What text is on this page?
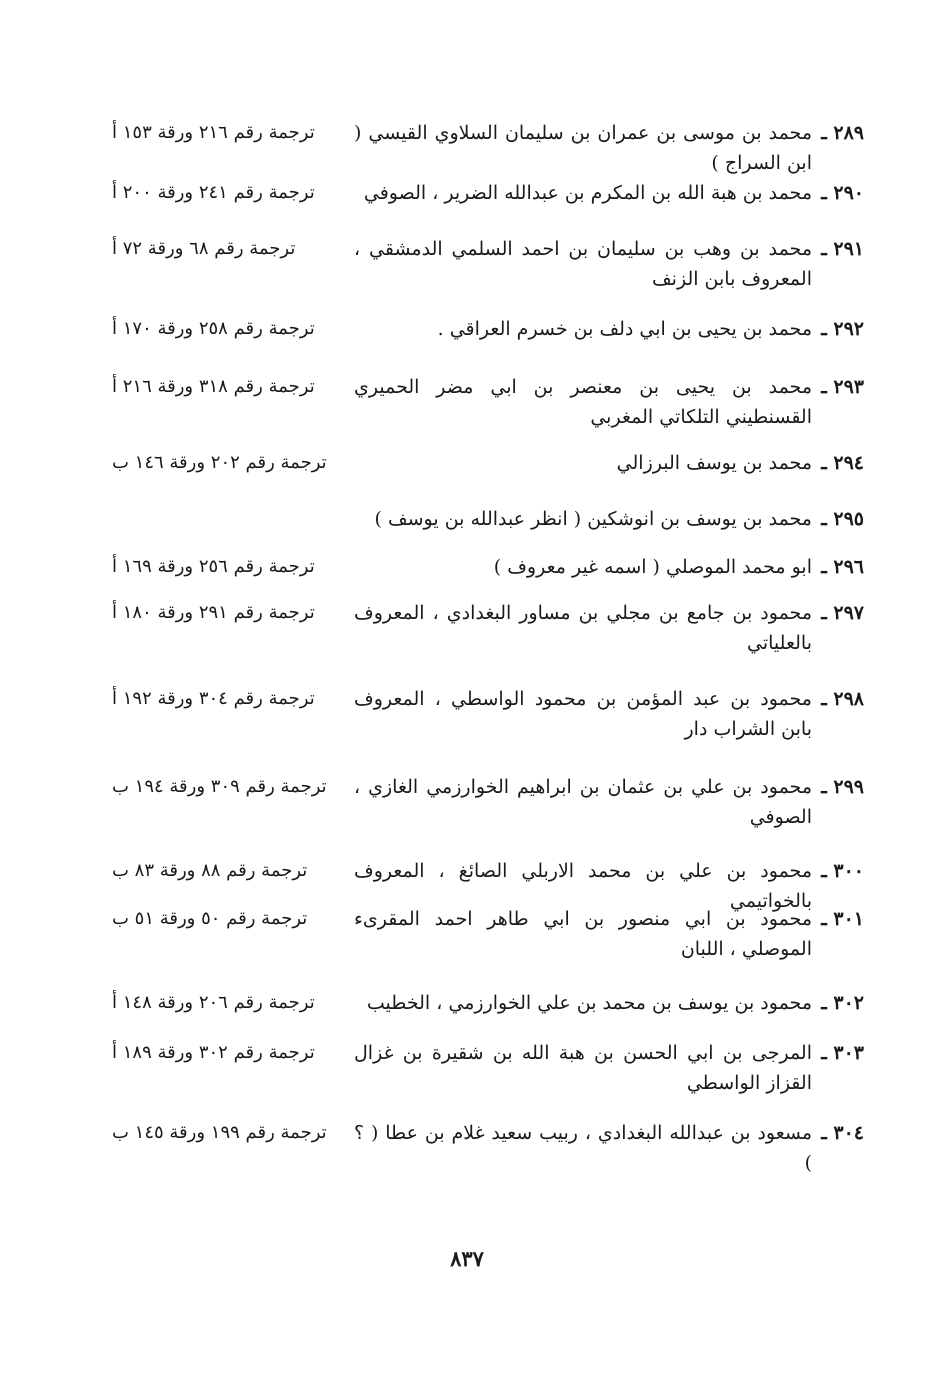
٢٨٩ ـ
محمد بن موسى بن عمران بن سليمان السلاوي القيسي ( ابن السراج )
ترجمة رقم ٢١٦ ورقة ١٥٣ أ
٢٩٠ ـ
محمد بن هبة الله بن المكرم بن عبدالله الضرير ، الصوفي
ترجمة رقم ٢٤١ ورقة ٢٠٠ أ
٢٩١ ـ
محمد بن وهب بن سليمان بن احمد السلمي الدمشقي ، المعروف بابن الزنف
ترجمة رقم ٦٨ ورقة ٧٢ أ
٢٩٢ ـ
محمد بن يحيى بن ابي دلف بن خسرم العراقي .
ترجمة رقم ٢٥٨ ورقة ١٧٠ أ
٢٩٣ ـ
محمد بن يحيى بن معنصر بن ابي مضر الحميري القسنطيني التلكاتي المغربي
ترجمة رقم ٣١٨ ورقة ٢١٦ أ
٢٩٤ ـ
محمد بن يوسف البرزالي
ترجمة رقم ٢٠٢ ورقة ١٤٦ ب
٢٩٥ ـ
محمد بن يوسف بن انوشكين ( انظر عبدالله بن يوسف )
٢٩٦ ـ
ابو محمد الموصلي ( اسمه غير معروف )
ترجمة رقم ٢٥٦ ورقة ١٦٩ أ
٢٩٧ ـ
محمود بن جامع بن مجلي بن مساور البغدادي ، المعروف بالعلياتي
ترجمة رقم ٢٩١ ورقة ١٨٠ أ
٢٩٨ ـ
محمود بن عبد المؤمن بن محمود الواسطي ، المعروف بابن الشراب دار
ترجمة رقم ٣٠٤ ورقة ١٩٢ أ
٢٩٩ ـ
محمود بن علي بن عثمان بن ابراهيم الخوارزمي الغازي ، الصوفي
ترجمة رقم ٣٠٩ ورقة ١٩٤ ب
٣٠٠ ـ
محمود بن علي بن محمد الاربلي الصائغ ، المعروف بالخواتيمي
ترجمة رقم ٨٨ ورقة ٨٣ ب
٣٠١ ـ
محمود بن ابي منصور بن ابي طاهر احمد المقرىء الموصلي ، اللبان
ترجمة رقم ٥٠ ورقة ٥١ ب
٣٠٢ ـ
محمود بن يوسف بن محمد بن علي الخوارزمي ، الخطيب
ترجمة رقم ٢٠٦ ورقة ١٤٨ أ
٣٠٣ ـ
المرجى بن ابي الحسن بن هبة الله بن شقيرة بن غزال القزاز الواسطي
ترجمة رقم ٣٠٢ ورقة ١٨٩ أ
٣٠٤ ـ
مسعود بن عبدالله البغدادي ، ربيب سعيد غلام بن عطا ( ؟ )
ترجمة رقم ١٩٩ ورقة ١٤٥ ب
٨٣٧
